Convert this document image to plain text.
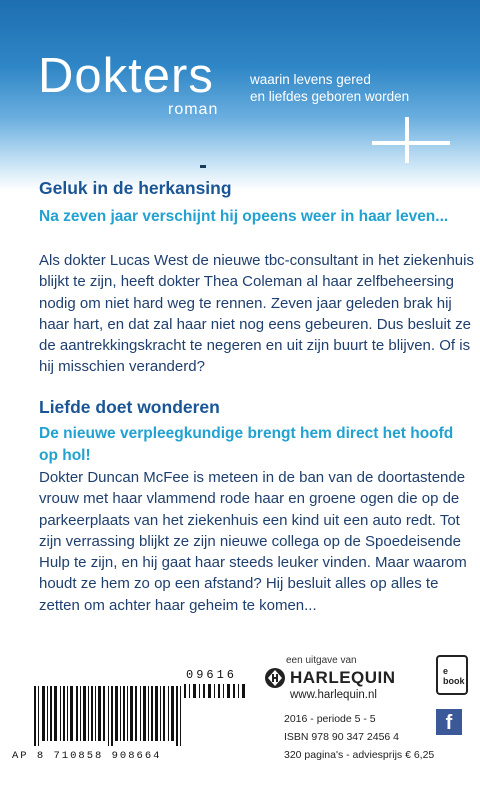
Dokters
roman
waarin levens gered
en liefdes geboren worden
Geluk in de herkansing
Na zeven jaar verschijnt hij opeens weer in haar leven...
Als dokter Lucas West de nieuwe tbc-consultant in het ziekenhuis blijkt te zijn, heeft dokter Thea Coleman al haar zelfbeheersing nodig om niet hard weg te rennen. Zeven jaar geleden brak hij haar hart, en dat zal haar niet nog eens gebeuren. Dus besluit ze de aantrekkingskracht te negeren en uit zijn buurt te blijven. Of is hij misschien veranderd?
Liefde doet wonderen
De nieuwe verpleegkundige brengt hem direct het hoofd op hol!
Dokter Duncan McFee is meteen in de ban van de doortastende vrouw met haar vlammend rode haar en groene ogen die op de parkeerplaats van het ziekenhuis een kind uit een auto redt. Tot zijn verrassing blijkt ze zijn nieuwe collega op de Spoedeisende Hulp te zijn, en hij gaat haar steeds leuker vinden. Maar waarom houdt ze hem zo op een afstand? Hij besluit alles op alles te zetten om achter haar geheim te komen...
09616
AP 8 710858 908664
een uitgave van
HARLEQUIN
www.harlequin.nl
e book
2016 - periode 5 - 5
ISBN 978 90 347 2456 4
320 pagina's - adviesprijs € 6,25
f
